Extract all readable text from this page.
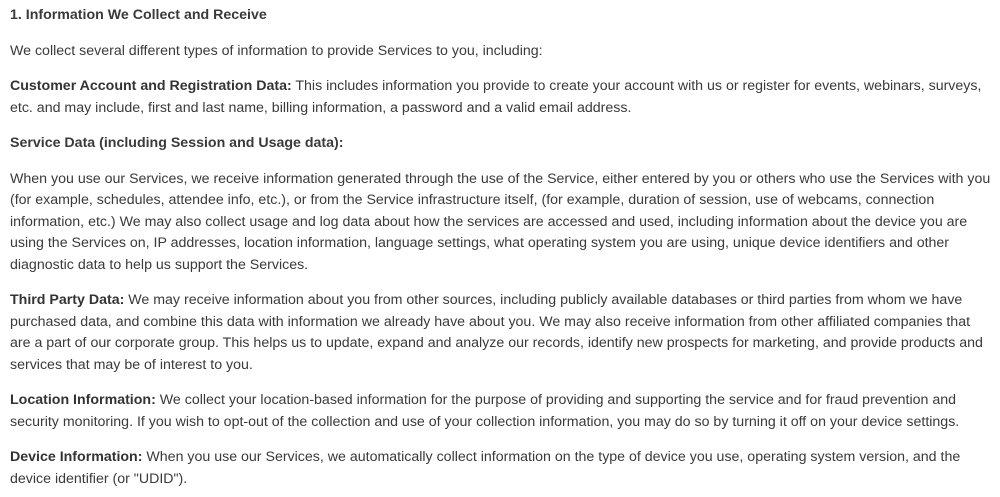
1. Information We Collect and Receive

We collect several different types of information to provide Services to you, including:

Customer Account and Registration Data: This includes information you provide to create your account with us or register for events, webinars, surveys, etc. and may include, first and last name, billing information, a password and a valid email address.

Service Data (including Session and Usage data):

When you use our Services, we receive information generated through the use of the Service, either entered by you or others who use the Services with you (for example, schedules, attendee info, etc.), or from the Service infrastructure itself, (for example, duration of session, use of webcams, connection information, etc.) We may also collect usage and log data about how the services are accessed and used, including information about the device you are using the Services on, IP addresses, location information, language settings, what operating system you are using, unique device identifiers and other diagnostic data to help us support the Services.

Third Party Data: We may receive information about you from other sources, including publicly available databases or third parties from whom we have purchased data, and combine this data with information we already have about you. We may also receive information from other affiliated companies that are a part of our corporate group. This helps us to update, expand and analyze our records, identify new prospects for marketing, and provide products and services that may be of interest to you.

Location Information: We collect your location-based information for the purpose of providing and supporting the service and for fraud prevention and security monitoring. If you wish to opt-out of the collection and use of your collection information, you may do so by turning it off on your device settings.

Device Information: When you use our Services, we automatically collect information on the type of device you use, operating system version, and the device identifier (or "UDID").
